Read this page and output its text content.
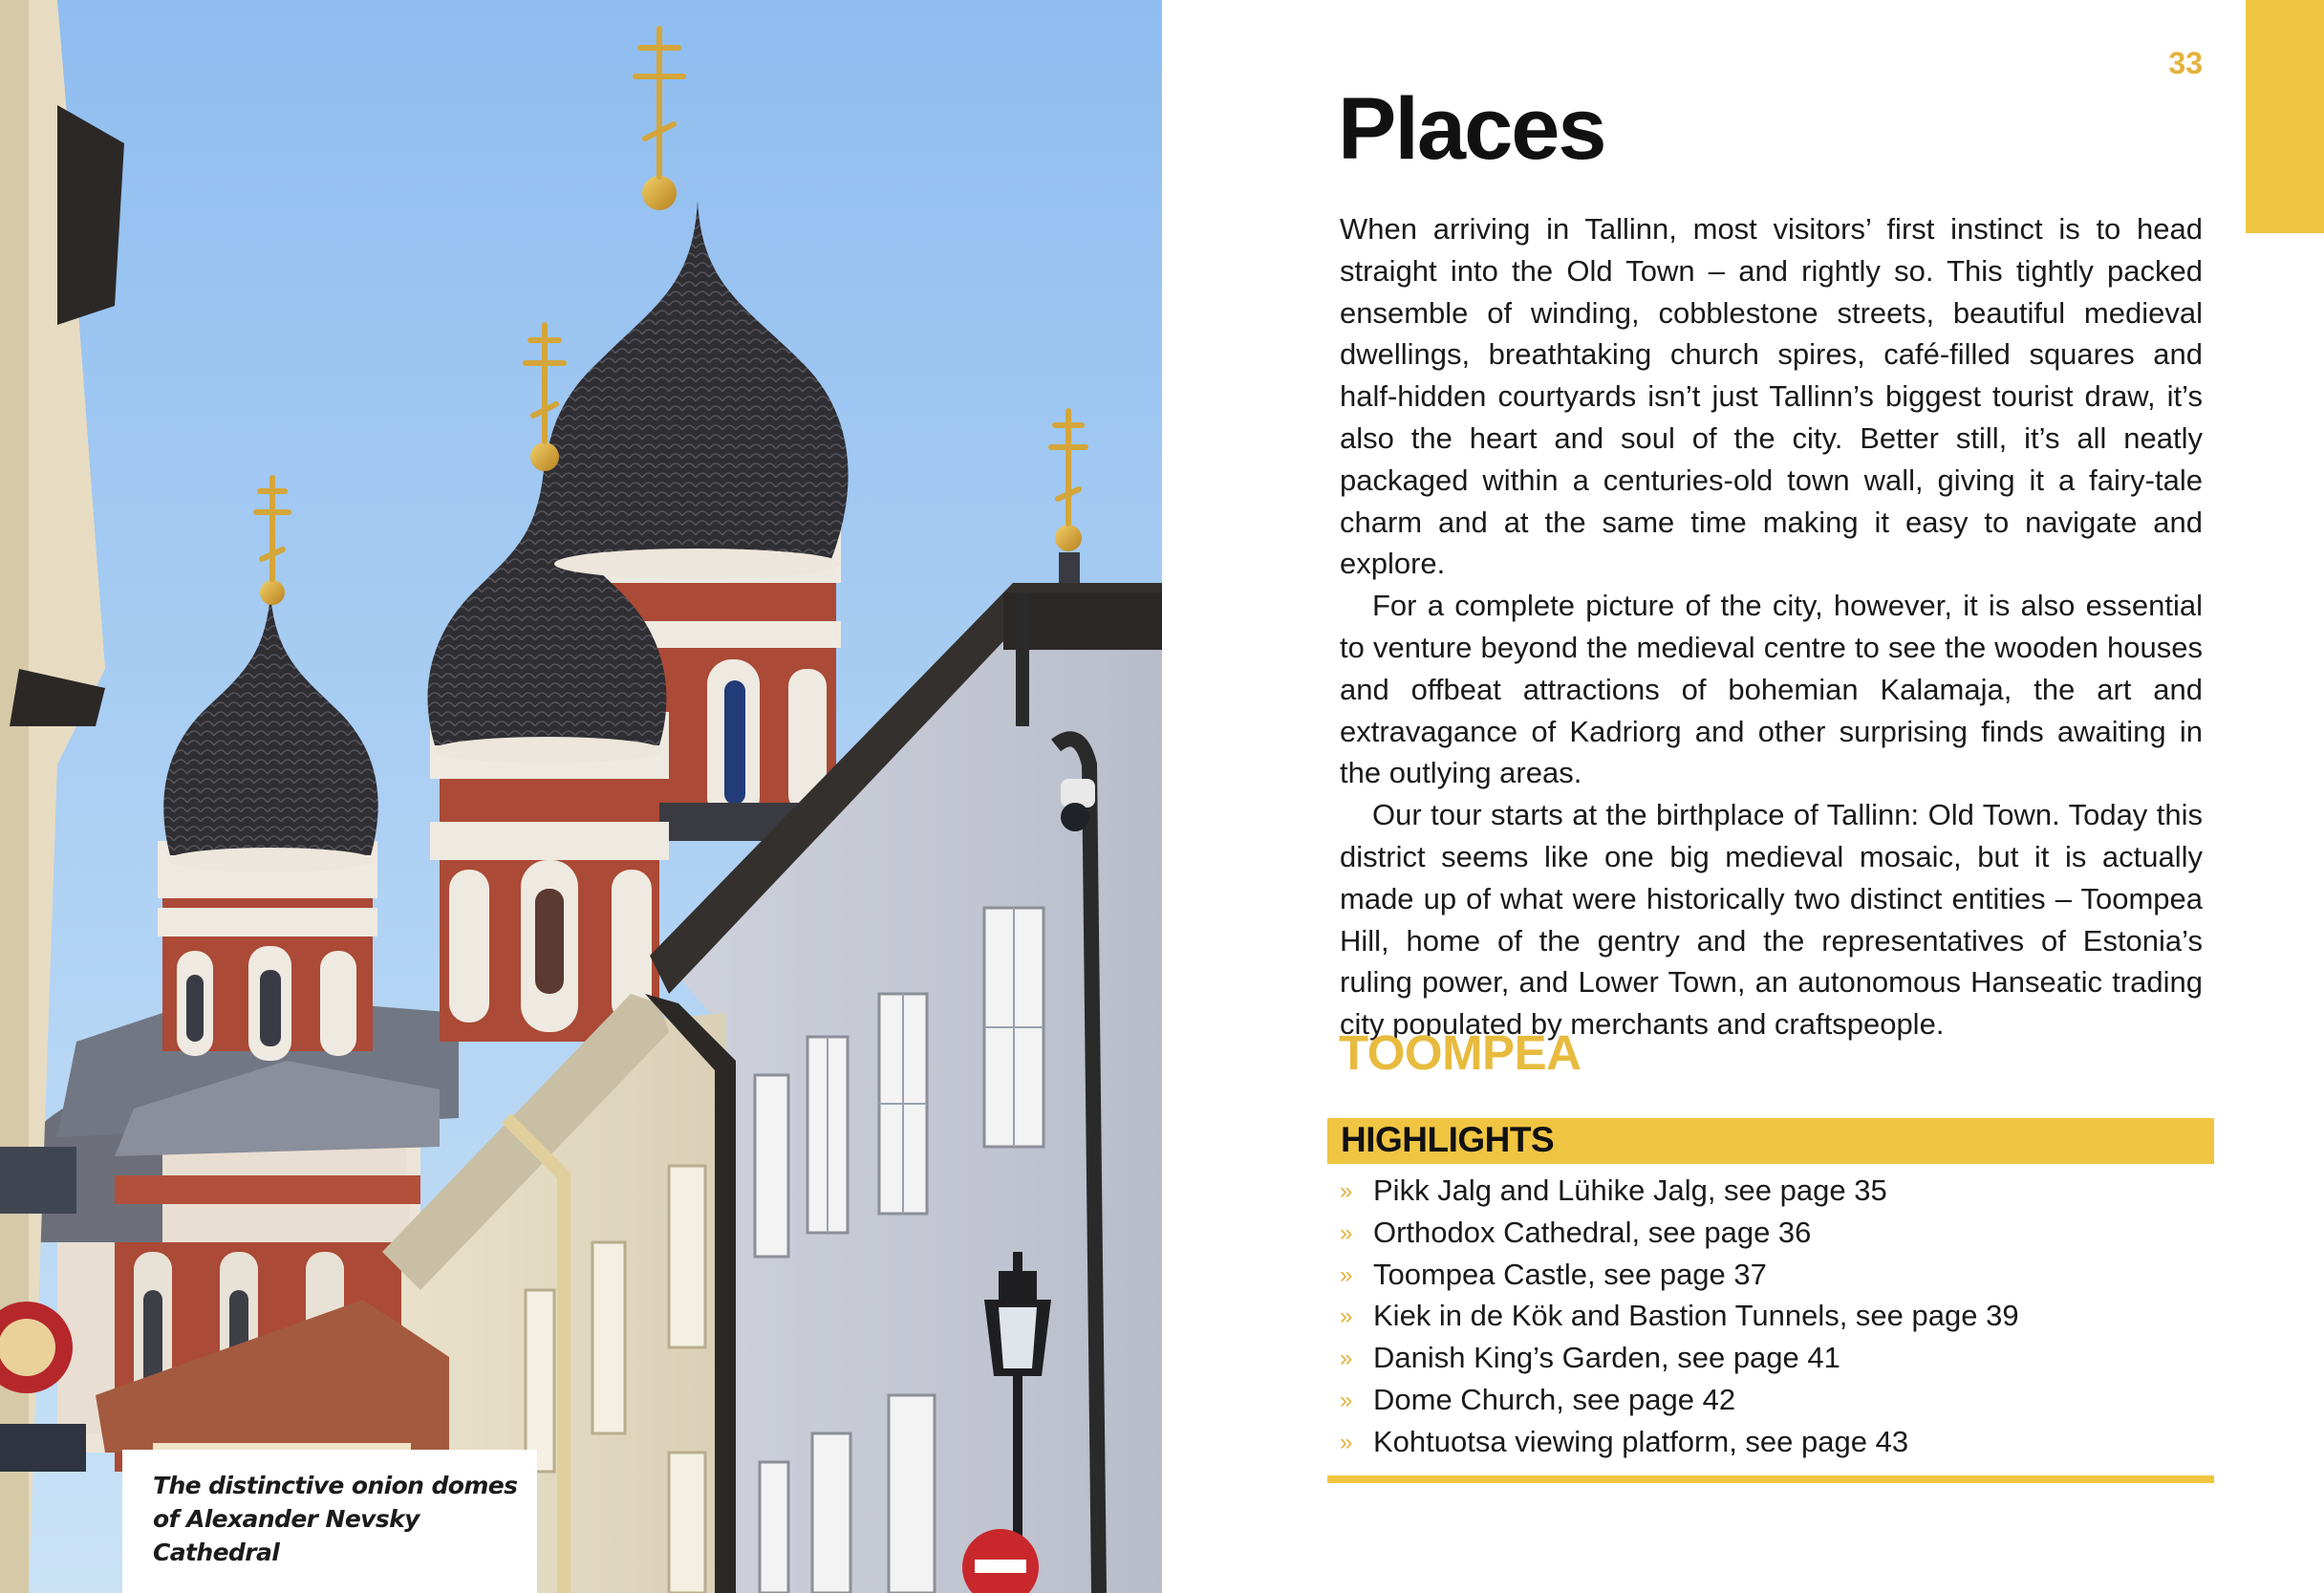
The distinctive onion domes of Alexander Nevsky Cathedral

33
Places

When arriving in Tallinn, most visitors’ first instinct is to head straight into the Old Town – and rightly so. This tightly packed ensemble of winding, cobblestone streets, beautiful medieval dwellings, breathtaking church spires, café-filled squares and half-hidden courtyards isn’t just Tallinn’s biggest tourist draw, it’s also the heart and soul of the city. Better still, it’s all neatly packaged within a centuries-old town wall, giving it a fairy-tale charm and at the same time making it easy to navigate and explore.

For a complete picture of the city, however, it is also essential to venture beyond the medieval centre to see the wooden houses and offbeat attractions of bohemian Kalamaja, the art and extravagance of Kadriorg and other surprising finds awaiting in the outlying areas.

Our tour starts at the birthplace of Tallinn: Old Town. Today this district seems like one big medieval mosaic, but it is actually made up of what were historically two distinct entities – Toompea Hill, home of the gentry and the representatives of Estonia’s ruling power, and Lower Town, an autonomous Hanseatic trading city populated by merchants and craftspeople.

TOOMPEA
HIGHLIGHTS
» Pikk Jalg and Lühike Jalg, see page 35
» Orthodox Cathedral, see page 36
» Toompea Castle, see page 37
» Kiek in de Kök and Bastion Tunnels, see page 39
» Danish King’s Garden, see page 41
» Dome Church, see page 42
» Kohtuotsa viewing platform, see page 43
